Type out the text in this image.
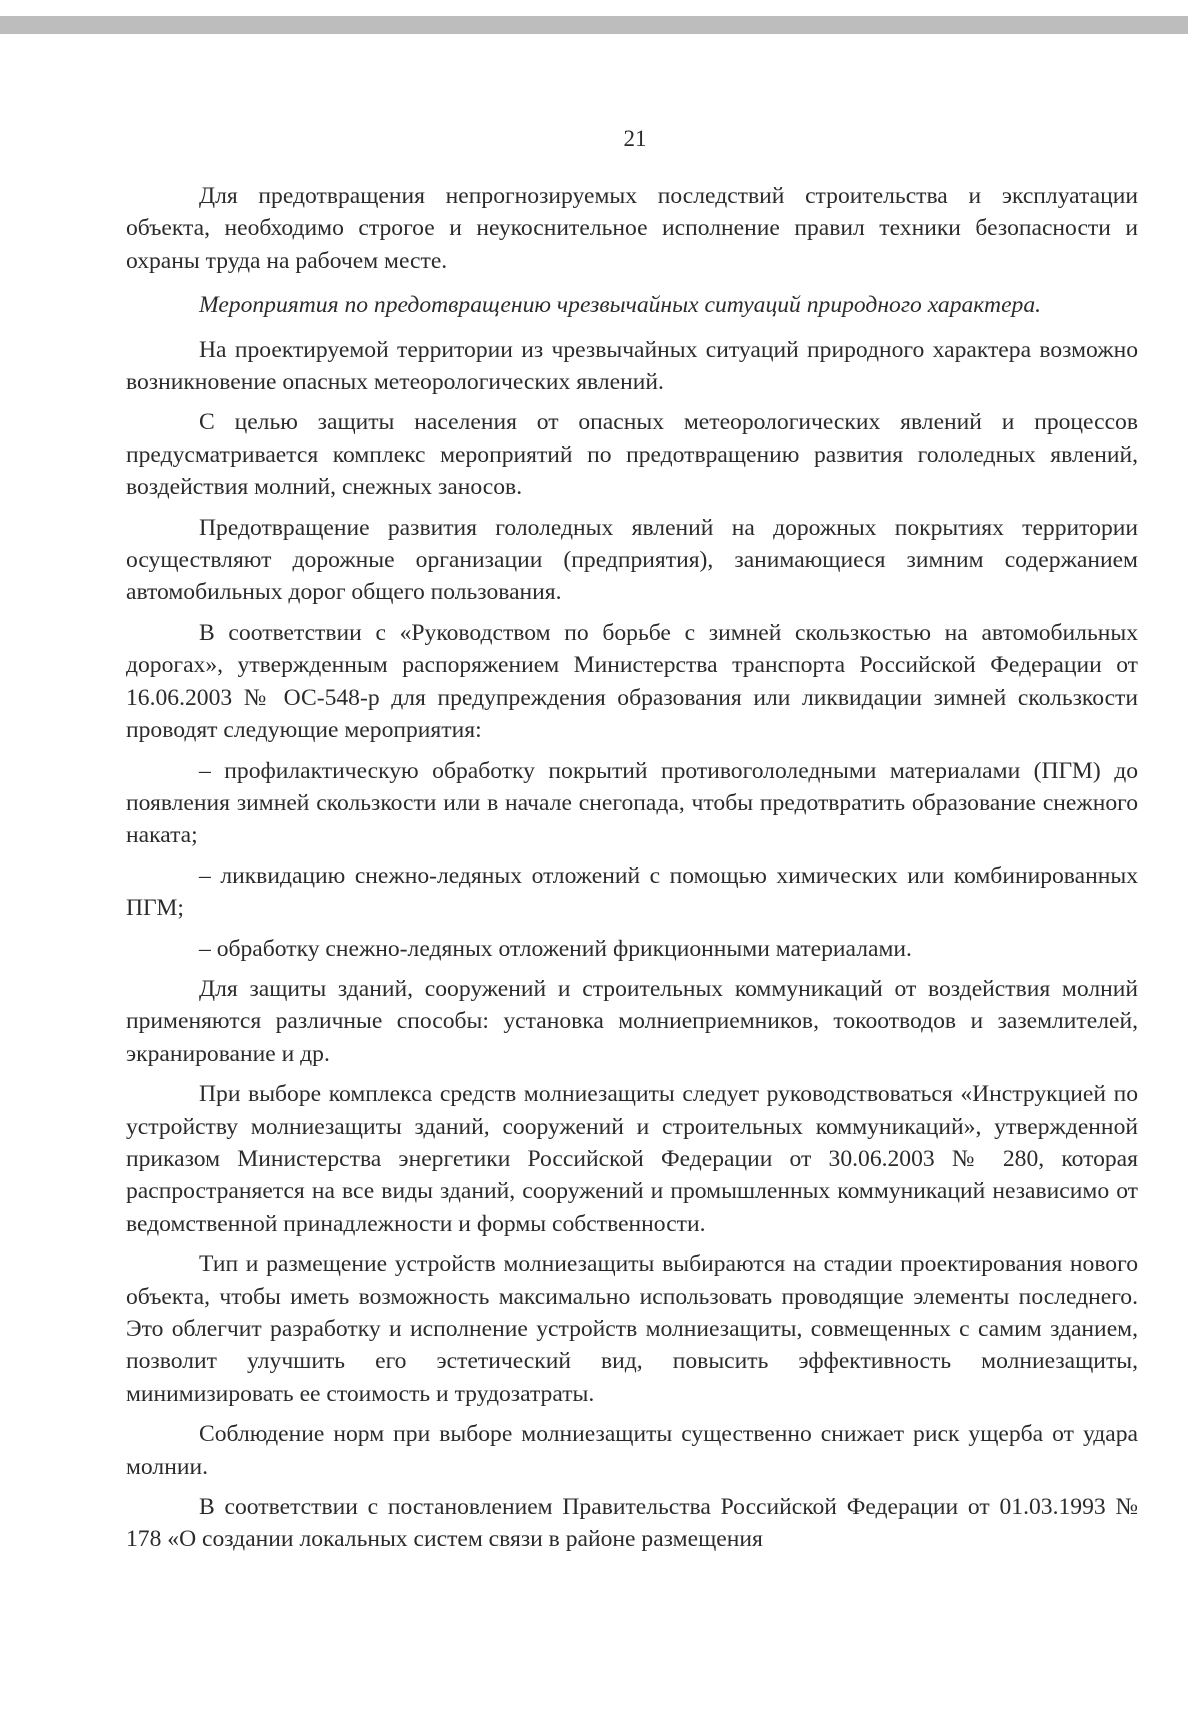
21

Для предотвращения непрогнозируемых последствий строительства и эксплуатации объекта, необходимо строгое и неукоснительное исполнение правил техники безопасности и охраны труда на рабочем месте.

Мероприятия по предотвращению чрезвычайных ситуаций природного характера.

На проектируемой территории из чрезвычайных ситуаций природного характера возможно возникновение опасных метеорологических явлений.

С целью защиты населения от опасных метеорологических явлений и процессов предусматривается комплекс мероприятий по предотвращению развития гололедных явлений, воздействия молний, снежных заносов.

Предотвращение развития гололедных явлений на дорожных покрытиях территории осуществляют дорожные организации (предприятия), занимающиеся зимним содержанием автомобильных дорог общего пользования.

В соответствии с «Руководством по борьбе с зимней скользкостью на автомобильных дорогах», утвержденным распоряжением Министерства транспорта Российской Федерации от 16.06.2003 № ОС-548-р для предупреждения образования или ликвидации зимней скользкости проводят следующие мероприятия:

– профилактическую обработку покрытий противогололедными материалами (ПГМ) до появления зимней скользкости или в начале снегопада, чтобы предотвратить образование снежного наката;

– ликвидацию снежно-ледяных отложений с помощью химических или комбинированных ПГМ;

– обработку снежно-ледяных отложений фрикционными материалами.

Для защиты зданий, сооружений и строительных коммуникаций от воздействия молний применяются различные способы: установка молниеприемников, токоотводов и заземлителей, экранирование и др.

При выборе комплекса средств молниезащиты следует руководствоваться «Инструкцией по устройству молниезащиты зданий, сооружений и строительных коммуникаций», утвержденной приказом Министерства энергетики Российской Федерации от 30.06.2003 № 280, которая распространяется на все виды зданий, сооружений и промышленных коммуникаций независимо от ведомственной принадлежности и формы собственности.

Тип и размещение устройств молниезащиты выбираются на стадии проектирования нового объекта, чтобы иметь возможность максимально использовать проводящие элементы последнего. Это облегчит разработку и исполнение устройств молниезащиты, совмещенных с самим зданием, позволит улучшить его эстетический вид, повысить эффективность молниезащиты, минимизировать ее стоимость и трудозатраты.

Соблюдение норм при выборе молниезащиты существенно снижает риск ущерба от удара молнии.

В соответствии с постановлением Правительства Российской Федерации от 01.03.1993 № 178 «О создании локальных систем связи в районе размещения
